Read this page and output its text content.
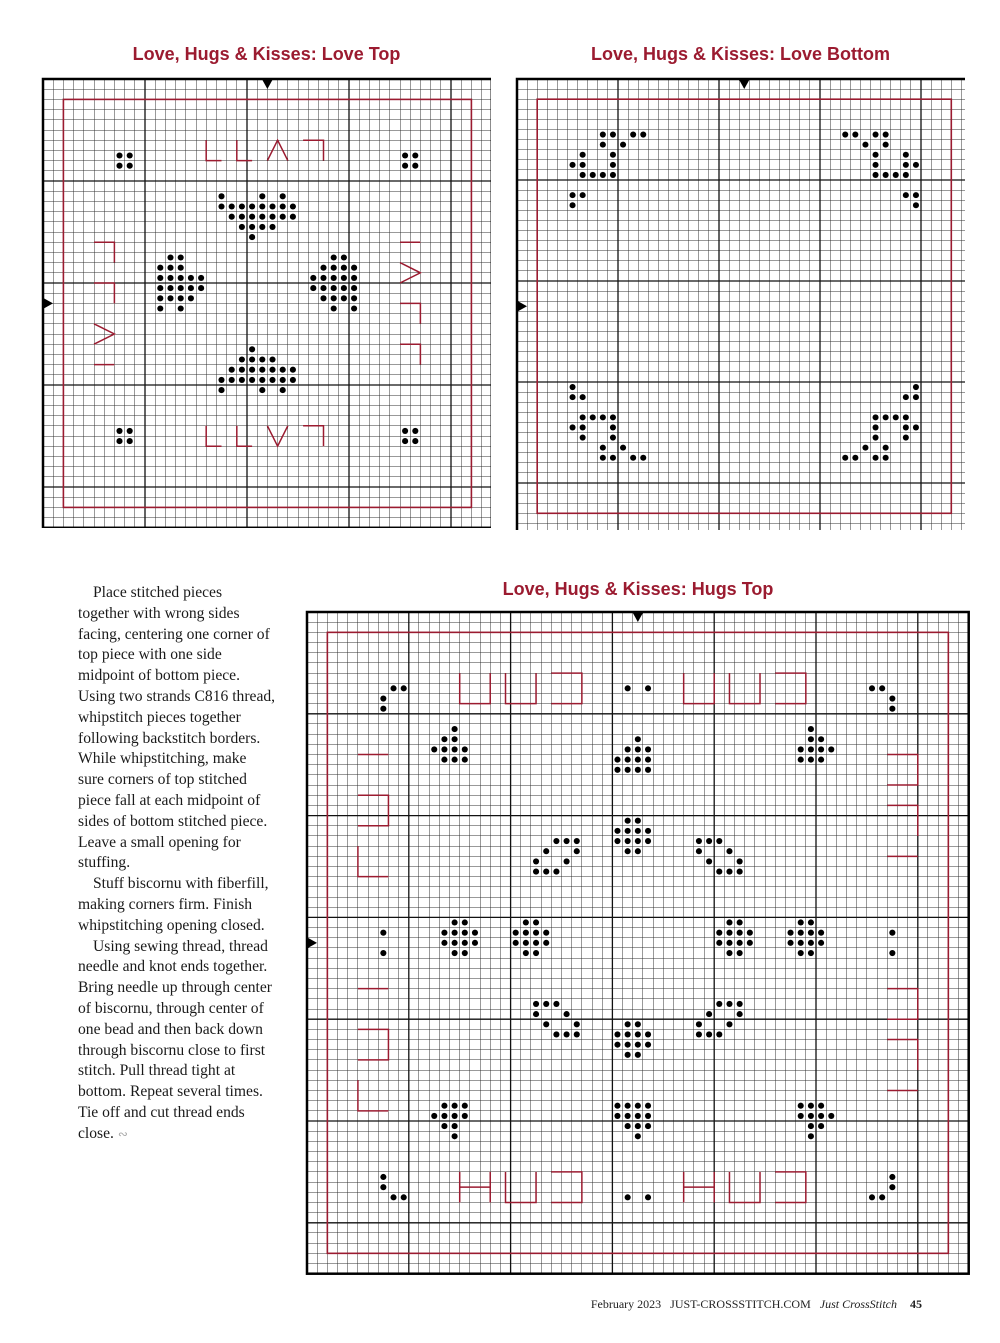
Love, Hugs & Kisses: Love Top	Love, Hugs & Kisses: Love Bottom
Love, Hugs & Kisses: Hugs Top

Place stitched pieces together with wrong sides facing, centering one corner of top piece with one side midpoint of bottom piece. Using two strands C816 thread, whipstitch pieces together following backstitch borders. While whipstitching, make sure corners of top stitched piece fall at each midpoint of sides of bottom stitched piece. Leave a small opening for stuffing.

Stuff biscornu with fiberfill, making corners firm. Finish whipstitching opening closed.

Using sewing thread, thread needle and knot ends together. Bring needle up through center of biscornu, through center of one bead and then back down through biscornu close to first stitch. Pull thread tight at bottom. Repeat several times. Tie off and cut thread ends close. ∾

February 2023 JUST-CROSSSTITCH.COM Just CrossStitch 45
